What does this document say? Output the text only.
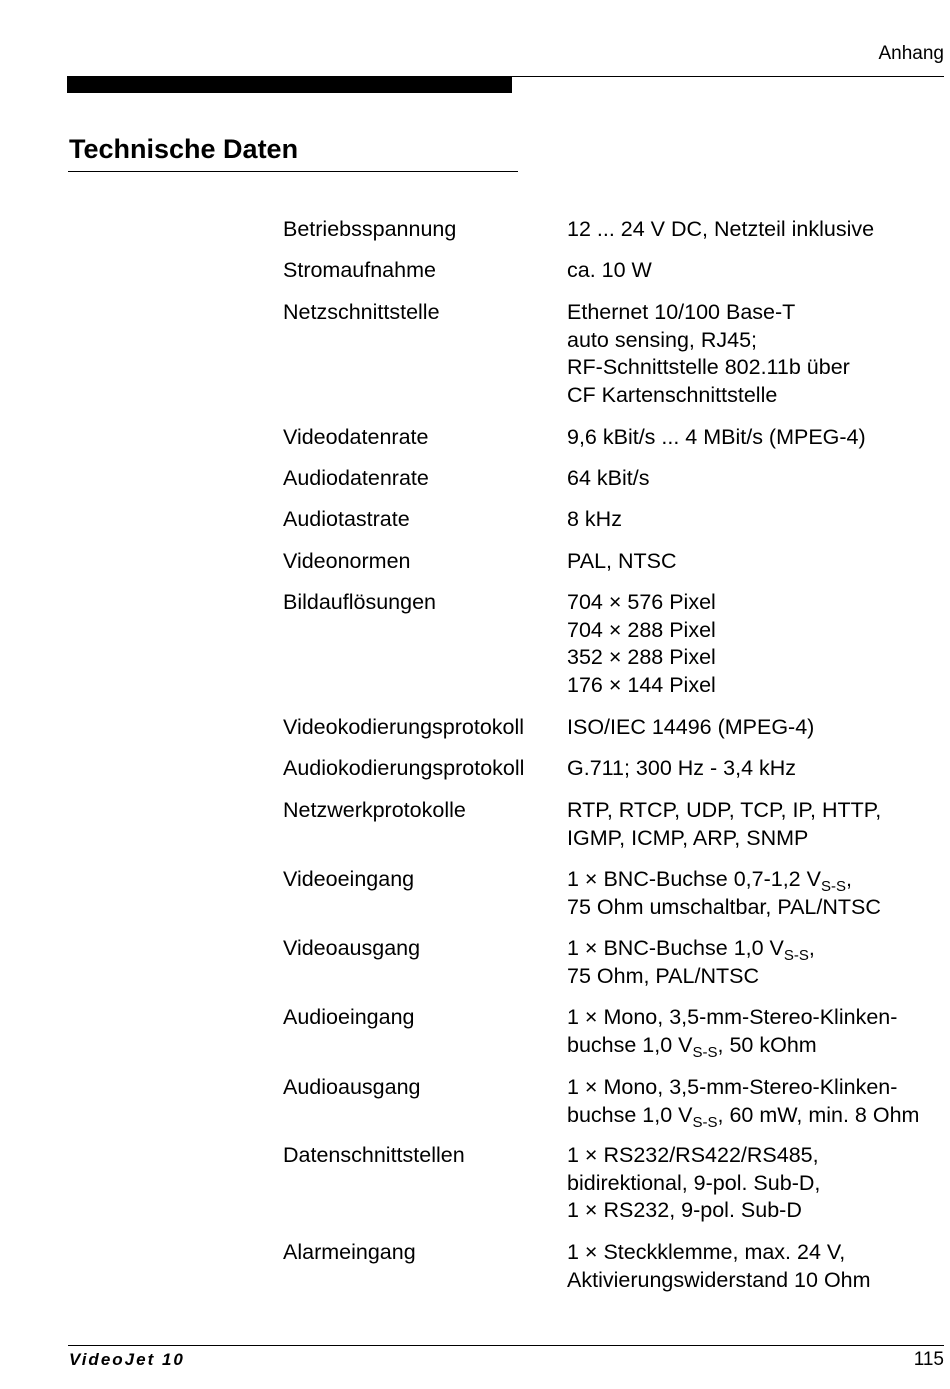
Anhang
Technische Daten
Betriebsspannung	12 ... 24 V DC, Netzteil inklusive
Stromaufnahme	ca. 10 W
Netzschnittstelle	Ethernet 10/100 Base-T
auto sensing, RJ45;
RF-Schnittstelle 802.11b über
CF Kartenschnittstelle
Videodatenrate	9,6 kBit/s ... 4 MBit/s (MPEG-4)
Audiodatenrate	64 kBit/s
Audiotastrate	8 kHz
Videonormen	PAL, NTSC
Bildauflösungen	704 × 576 Pixel
704 × 288 Pixel
352 × 288 Pixel
176 × 144 Pixel
Videokodierungsprotokoll	ISO/IEC 14496 (MPEG-4)
Audiokodierungsprotokoll	G.711; 300 Hz - 3,4 kHz
Netzwerkprotokolle	RTP, RTCP, UDP, TCP, IP, HTTP,
IGMP, ICMP, ARP, SNMP
Videoeingang	1 × BNC-Buchse 0,7-1,2 $V_{S-S}$,
75 Ohm umschaltbar, PAL/NTSC
Videoausgang	1 × BNC-Buchse 1,0 $V_{S-S}$,
75 Ohm, PAL/NTSC
Audioeingang	1 × Mono, 3,5-mm-Stereo-Klinken-
buchse 1,0 $V_{S-S}$, 50 kOhm
Audioausgang	1 × Mono, 3,5-mm-Stereo-Klinken-
buchse 1,0 $V_{S-S}$, 60 mW, min. 8 Ohm
Datenschnittstellen	1 × RS232/RS422/RS485,
bidirektional, 9-pol. Sub-D,
1 × RS232, 9-pol. Sub-D
Alarmeingang	1 × Steckklemme, max. 24 V,
Aktivierungswiderstand 10 Ohm
VideoJet 10	115
